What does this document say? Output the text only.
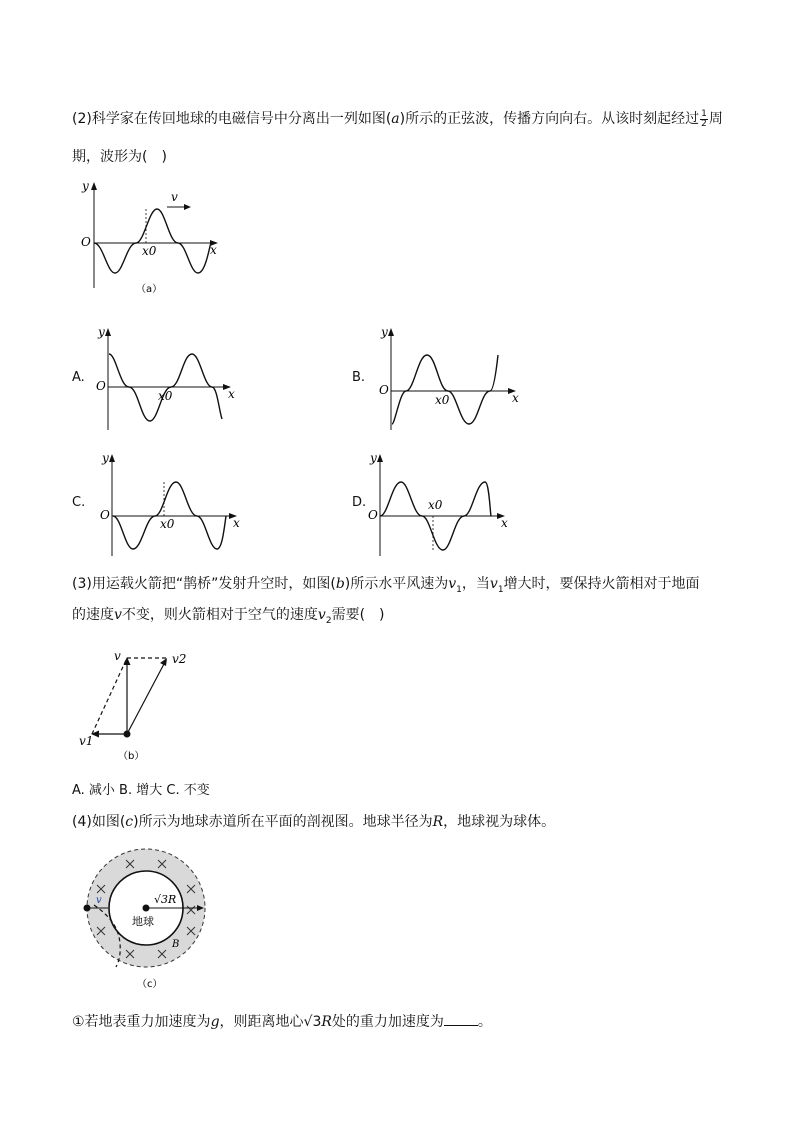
(2)科学家在传回地球的电磁信号中分离出一列如图(a)所示的正弦波，传播方向向右。从该时刻起经过 $\frac{1}{2}$ 周
期，波形为(　)
y
x
O
x0
v
（a）
A.
y
x
O
x0
B.
y
x
O
x0
C.
y
x
O
x0
D.
y
x
O
x0
(3)用运载火箭把“鹊桥”发射升空时，如图(b)所示水平风速为$v_1$，当$v_1$增大时，要保持火箭相对于地面
的速度v不变，则火箭相对于空气的速度$v_2$需要(　)
v	v2
v1
（b）
A. 减小 B. 增大 C. 不变
(4)如图(c)所示为地球赤道所在平面的剖视图。地球半径为R，地球视为球体。
v	√3R
地球
B
（c）
①若地表重力加速度为g，则距离地心√3R处的重力加速度为 。
